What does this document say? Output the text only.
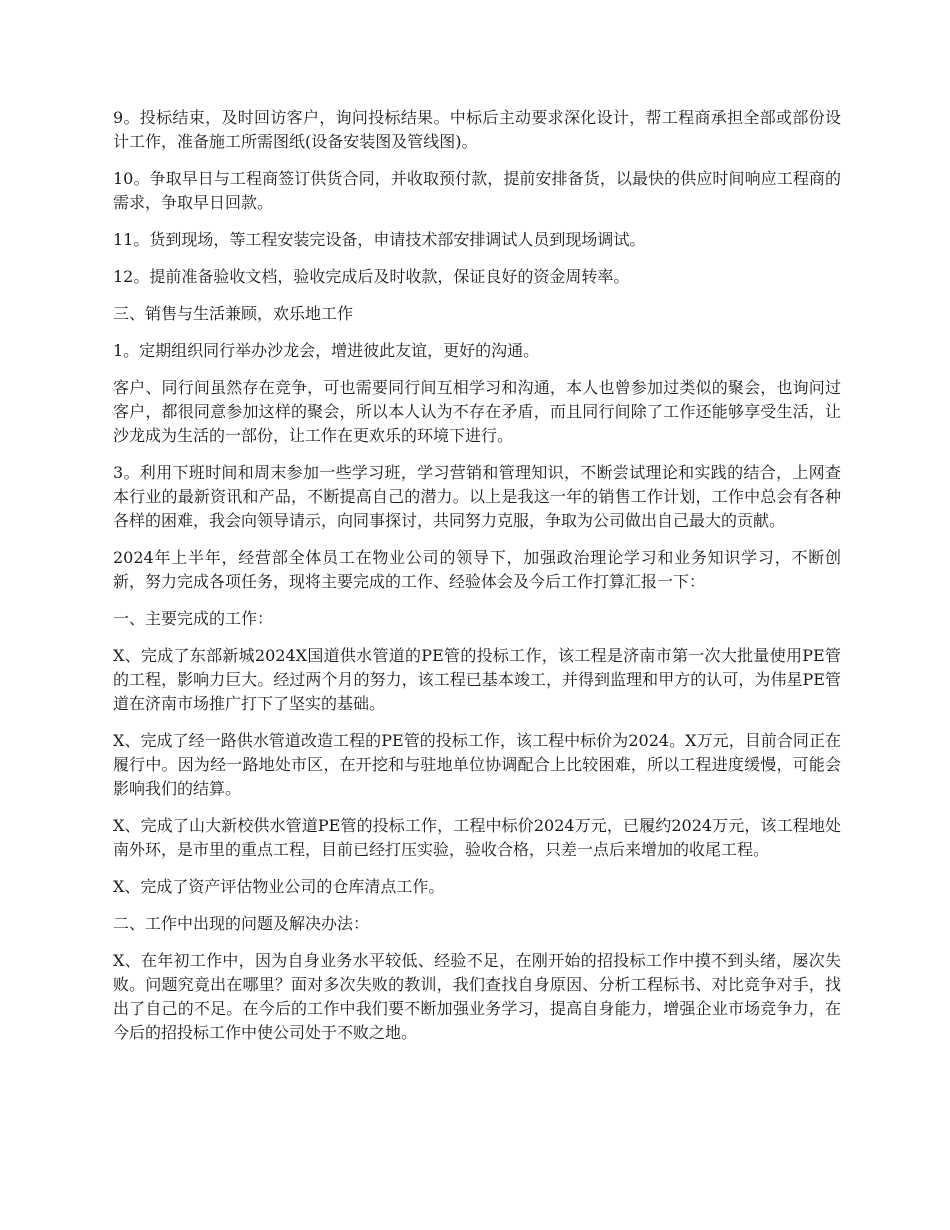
9。投标结束，及时回访客户，询问投标结果。中标后主动要求深化设计，帮工程商承担全部或部份设计工作，准备施工所需图纸(设备安装图及管线图)。

10。争取早日与工程商签订供货合同，并收取预付款，提前安排备货，以最快的供应时间响应工程商的需求，争取早日回款。

11。货到现场，等工程安装完设备，申请技术部安排调试人员到现场调试。

12。提前准备验收文档，验收完成后及时收款，保证良好的资金周转率。

三、销售与生活兼顾，欢乐地工作

1。定期组织同行举办沙龙会，增进彼此友谊，更好的沟通。

客户、同行间虽然存在竞争，可也需要同行间互相学习和沟通，本人也曾参加过类似的聚会，也询问过客户，都很同意参加这样的聚会，所以本人认为不存在矛盾，而且同行间除了工作还能够享受生活，让沙龙成为生活的一部份，让工作在更欢乐的环境下进行。

3。利用下班时间和周末参加一些学习班，学习营销和管理知识，不断尝试理论和实践的结合，上网查本行业的最新资讯和产品，不断提高自己的潜力。以上是我这一年的销售工作计划，工作中总会有各种各样的困难，我会向领导请示，向同事探讨，共同努力克服，争取为公司做出自己最大的贡献。

2024年上半年，经营部全体员工在物业公司的领导下，加强政治理论学习和业务知识学习，不断创新，努力完成各项任务，现将主要完成的工作、经验体会及今后工作打算汇报一下：

一、主要完成的工作：

X、完成了东部新城2024X国道供水管道的PE管的投标工作，该工程是济南市第一次大批量使用PE管的工程，影响力巨大。经过两个月的努力，该工程已基本竣工，并得到监理和甲方的认可，为伟星PE管道在济南市场推广打下了坚实的基础。

X、完成了经一路供水管道改造工程的PE管的投标工作，该工程中标价为2024。X万元，目前合同正在履行中。因为经一路地处市区，在开挖和与驻地单位协调配合上比较困难，所以工程进度缓慢，可能会影响我们的结算。

X、完成了山大新校供水管道PE管的投标工作，工程中标价2024万元，已履约2024万元，该工程地处南外环，是市里的重点工程，目前已经打压实验，验收合格，只差一点后来增加的收尾工程。

X、完成了资产评估物业公司的仓库清点工作。

二、工作中出现的问题及解决办法：

X、在年初工作中，因为自身业务水平较低、经验不足，在刚开始的招投标工作中摸不到头绪，屡次失败。问题究竟出在哪里？面对多次失败的教训，我们查找自身原因、分析工程标书、对比竞争对手，找出了自己的不足。在今后的工作中我们要不断加强业务学习，提高自身能力，增强企业市场竞争力，在今后的招投标工作中使公司处于不败之地。
